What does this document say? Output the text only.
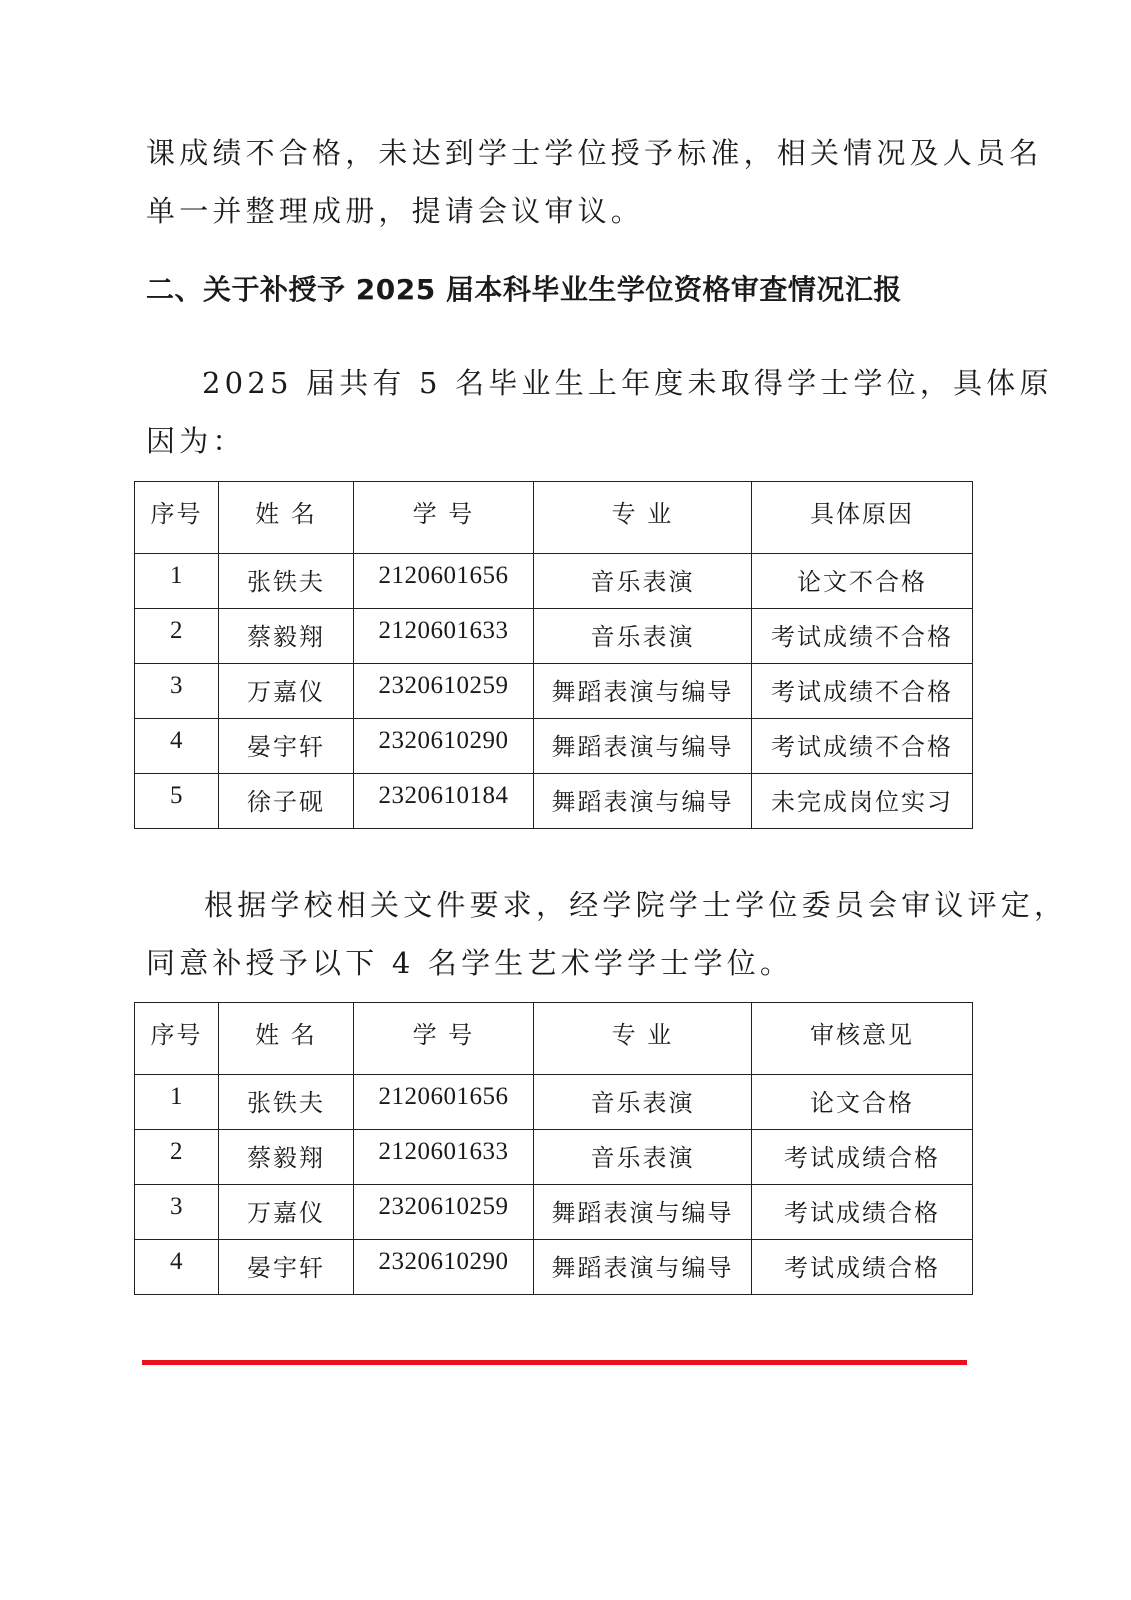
课成绩不合格，未达到学士学位授予标准，相关情况及人员名

单一并整理成册，提请会议审议。

二、关于补授予 2025 届本科毕业生学位资格审查情况汇报

2025 届共有 5 名毕业生上年度未取得学士学位，具体原

因为：

序号	姓 名	学 号	专 业	具体原因
1	张铁夫	2120601656	音乐表演	论文不合格
2	蔡毅翔	2120601633	音乐表演	考试成绩不合格
3	万嘉仪	2320610259	舞蹈表演与编导	考试成绩不合格
4	晏宇轩	2320610290	舞蹈表演与编导	考试成绩不合格
5	徐子砚	2320610184	舞蹈表演与编导	未完成岗位实习

根据学校相关文件要求，经学院学士学位委员会审议评定，

同意补授予以下 4 名学生艺术学学士学位。

序号	姓 名	学 号	专 业	审核意见
1	张铁夫	2120601656	音乐表演	论文合格
2	蔡毅翔	2120601633	音乐表演	考试成绩合格
3	万嘉仪	2320610259	舞蹈表演与编导	考试成绩合格
4	晏宇轩	2320610290	舞蹈表演与编导	考试成绩合格
